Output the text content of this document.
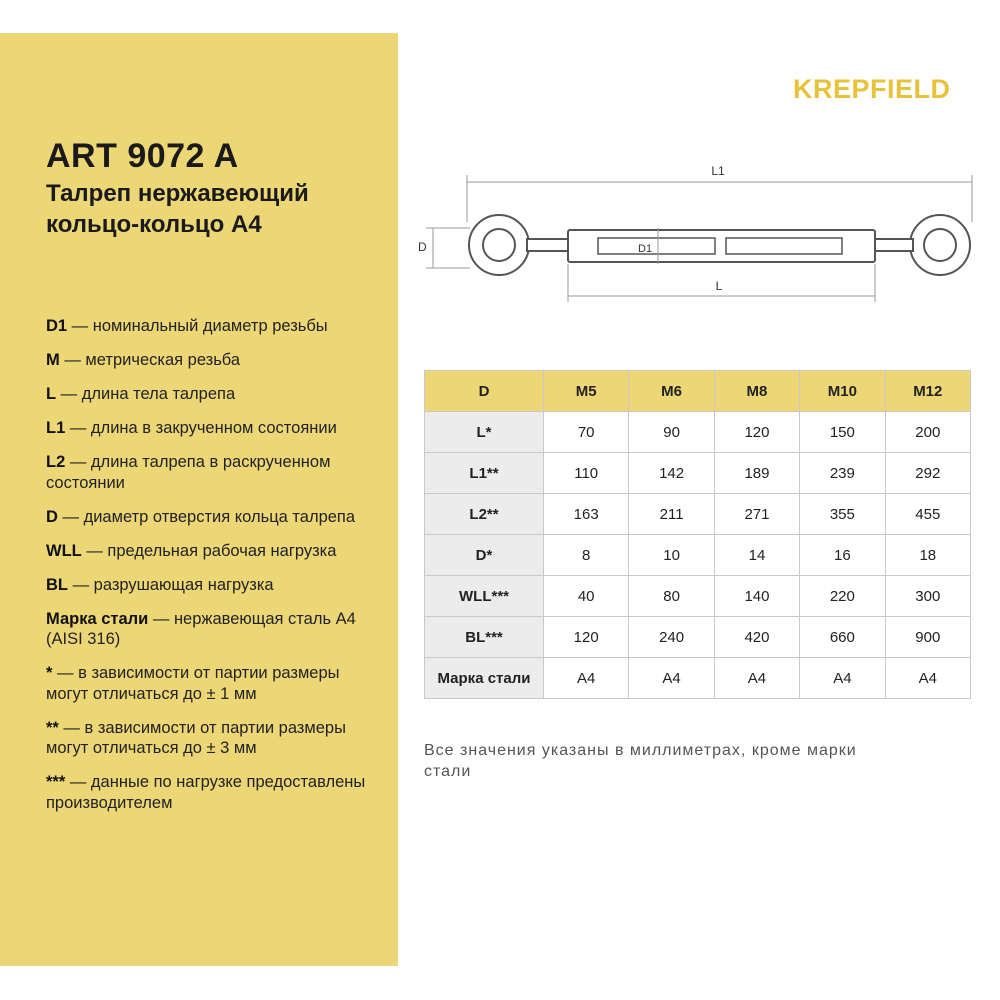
ART 9072 A
Талреп нержавеющий кольцо-кольцо А4
D1 — номинальный диаметр резьбы
M — метрическая резьба
L — длина тела талрепа
L1 — длина в закрученном состоянии
L2 — длина талрепа в раскрученном состоянии
D — диаметр отверстия кольца талрепа
WLL — предельная рабочая нагрузка
BL — разрушающая нагрузка
Марка стали — нержавеющая сталь А4 (AISI 316)
* — в зависимости от партии размеры могут отличаться до ± 1 мм
** — в зависимости от партии размеры могут отличаться до ± 3 мм
*** — данные по нагрузке предоставлены производителем
KREPFIELD
L1
L
D	D1
D	M5	M6	M8	M10	M12
L*	70	90	120	150	200
L1**	110	142	189	239	292
L2**	163	211	271	355	455
D*	8	10	14	16	18
WLL***	40	80	140	220	300
BL***	120	240	420	660	900
Марка стали	А4	А4	А4	А4	А4

Все значения указаны в миллиметрах, кроме марки стали
